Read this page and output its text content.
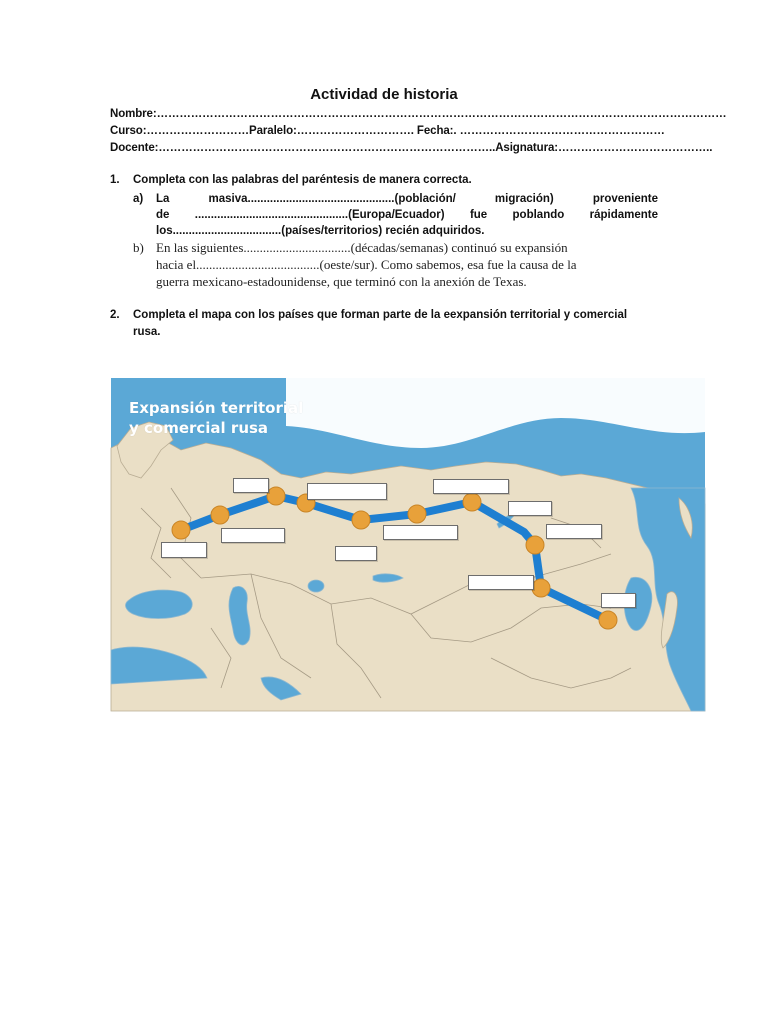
Actividad de historia
Nombre:……………………………………………………………………………………………………………………………………
Curso:………………………Paralelo:…………………………. Fecha:. ………………………………………………
Docente:……………………………………………………………………………..Asignatura:…………………………………..
1. Completa con las palabras del paréntesis de manera correcta.
a) La masiva..............................................(población/ migración) proveniente
de ................................................(Europa/Ecuador) fue poblando rápidamente
los..................................(países/territorios) recién adquiridos.
b) En las siguientes.................................(décadas/semanas) continuó su expansión
hacia el......................................(oeste/sur). Como sabemos, esa fue la causa de la
guerra mexicano-estadounidense, que terminó con la anexión de Texas.
2.	Completa el mapa con los países que forman parte de la eexpansión territorial y comercial rusa.
Expansión territorial
y comercial rusa
